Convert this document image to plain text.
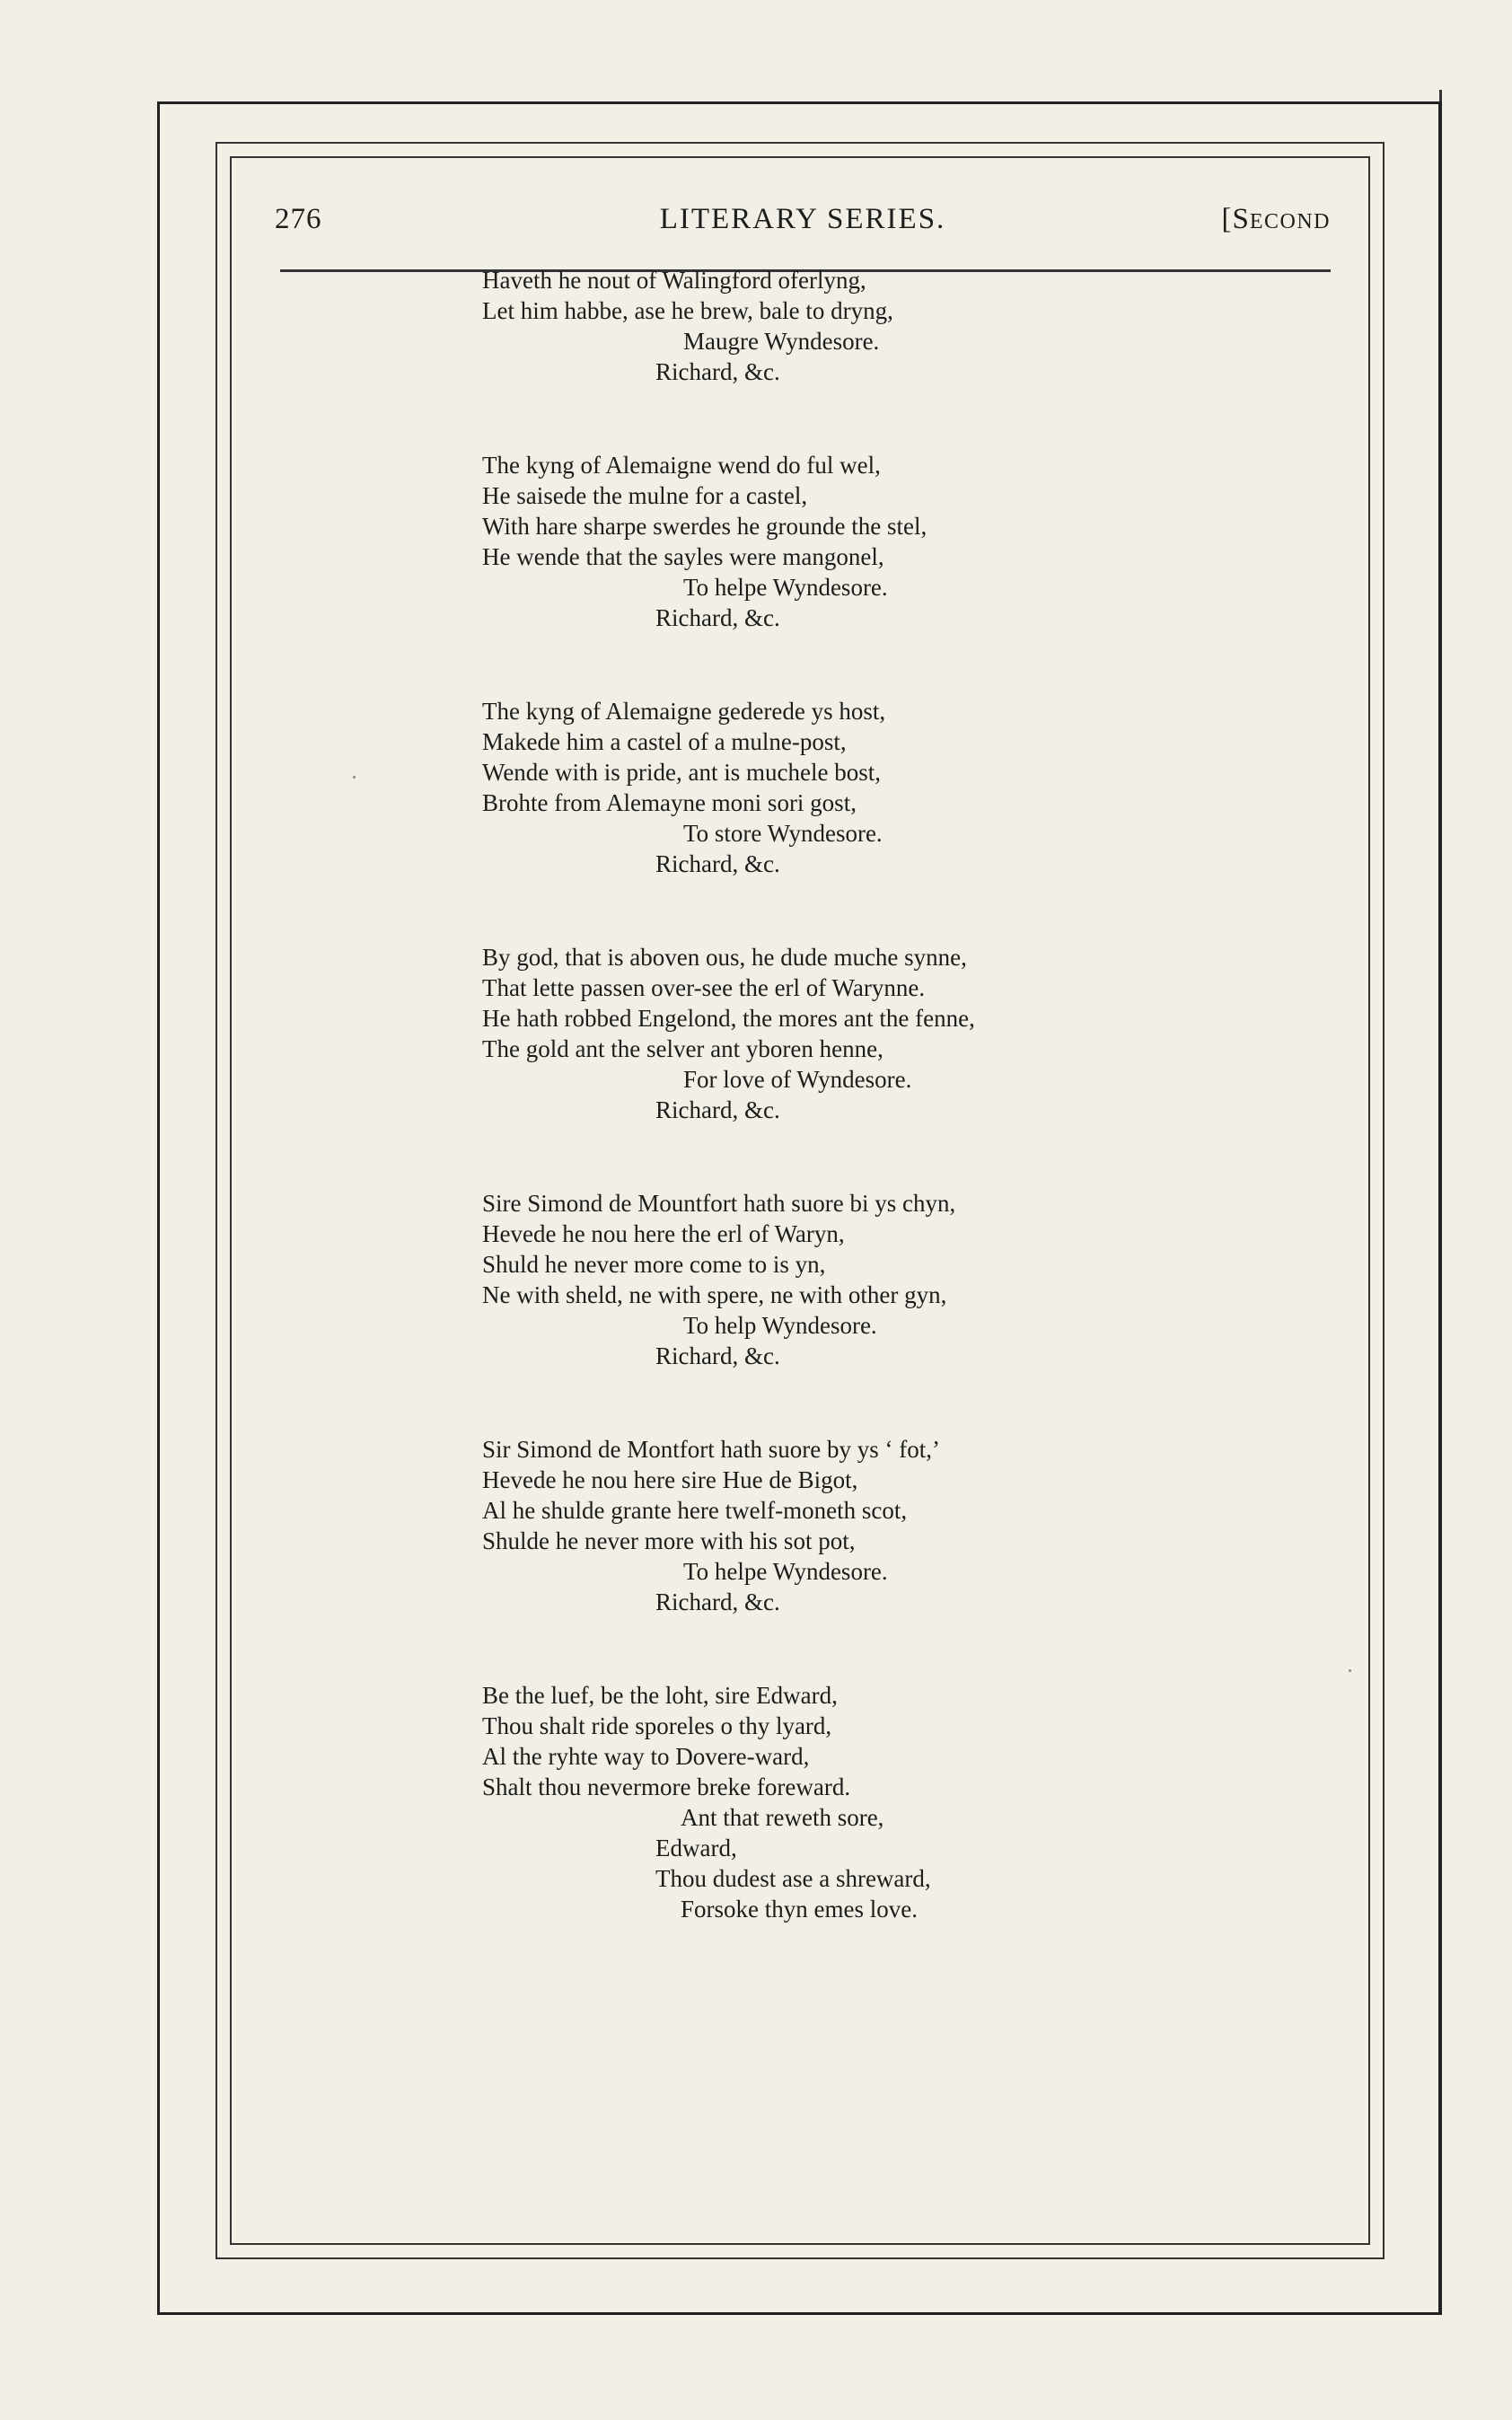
276	LITERARY SERIES.	[SECOND
Haveth he nout of Walingford oferlyng,
Let him habbe, ase he brew, bale to dryng,
Maugre Wyndesore.
Richard, &c.
The kyng of Alemaigne wend do ful wel,
He saisede the mulne for a castel,
With hare sharpe swerdes he grounde the stel,
He wende that the sayles were mangonel,
To helpe Wyndesore.
Richard, &c.
The kyng of Alemaigne gederede ys host,
Makede him a castel of a mulne-post,
Wende with is pride, ant is muchele bost,
Brohte from Alemayne moni sori gost,
To store Wyndesore.
Richard, &c.
By god, that is aboven ous, he dude muche synne,
That lette passen over-see the erl of Warynne.
He hath robbed Engelond, the mores ant the fenne,
The gold ant the selver ant yboren henne,
For love of Wyndesore.
Richard, &c.
Sire Simond de Mountfort hath suore bi ys chyn,
Hevede he nou here the erl of Waryn,
Shuld he never more come to is yn,
Ne with sheld, ne with spere, ne with other gyn,
To help Wyndesore.
Richard, &c.
Sir Simond de Montfort hath suore by ys ‘ fot,’
Hevede he nou here sire Hue de Bigot,
Al he shulde grante here twelf-moneth scot,
Shulde he never more with his sot pot,
To helpe Wyndesore.
Richard, &c.
Be the luef, be the loht, sire Edward,
Thou shalt ride sporeles o thy lyard,
Al the ryhte way to Dovere-ward,
Shalt thou nevermore breke foreward.
Ant that reweth sore,
Edward,
Thou dudest ase a shreward,
Forsoke thyn emes love.
